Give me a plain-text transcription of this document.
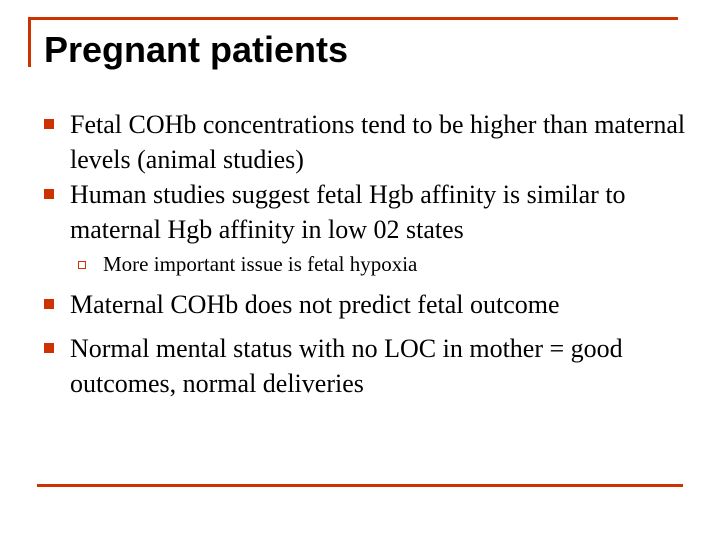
Pregnant patients
Fetal COHb concentrations tend to be higher than maternal levels (animal studies)
Human studies suggest fetal Hgb affinity is similar to maternal Hgb affinity in low 02 states
More important issue is fetal hypoxia
Maternal COHb does not predict fetal outcome
Normal mental status with no LOC in mother = good outcomes, normal deliveries
